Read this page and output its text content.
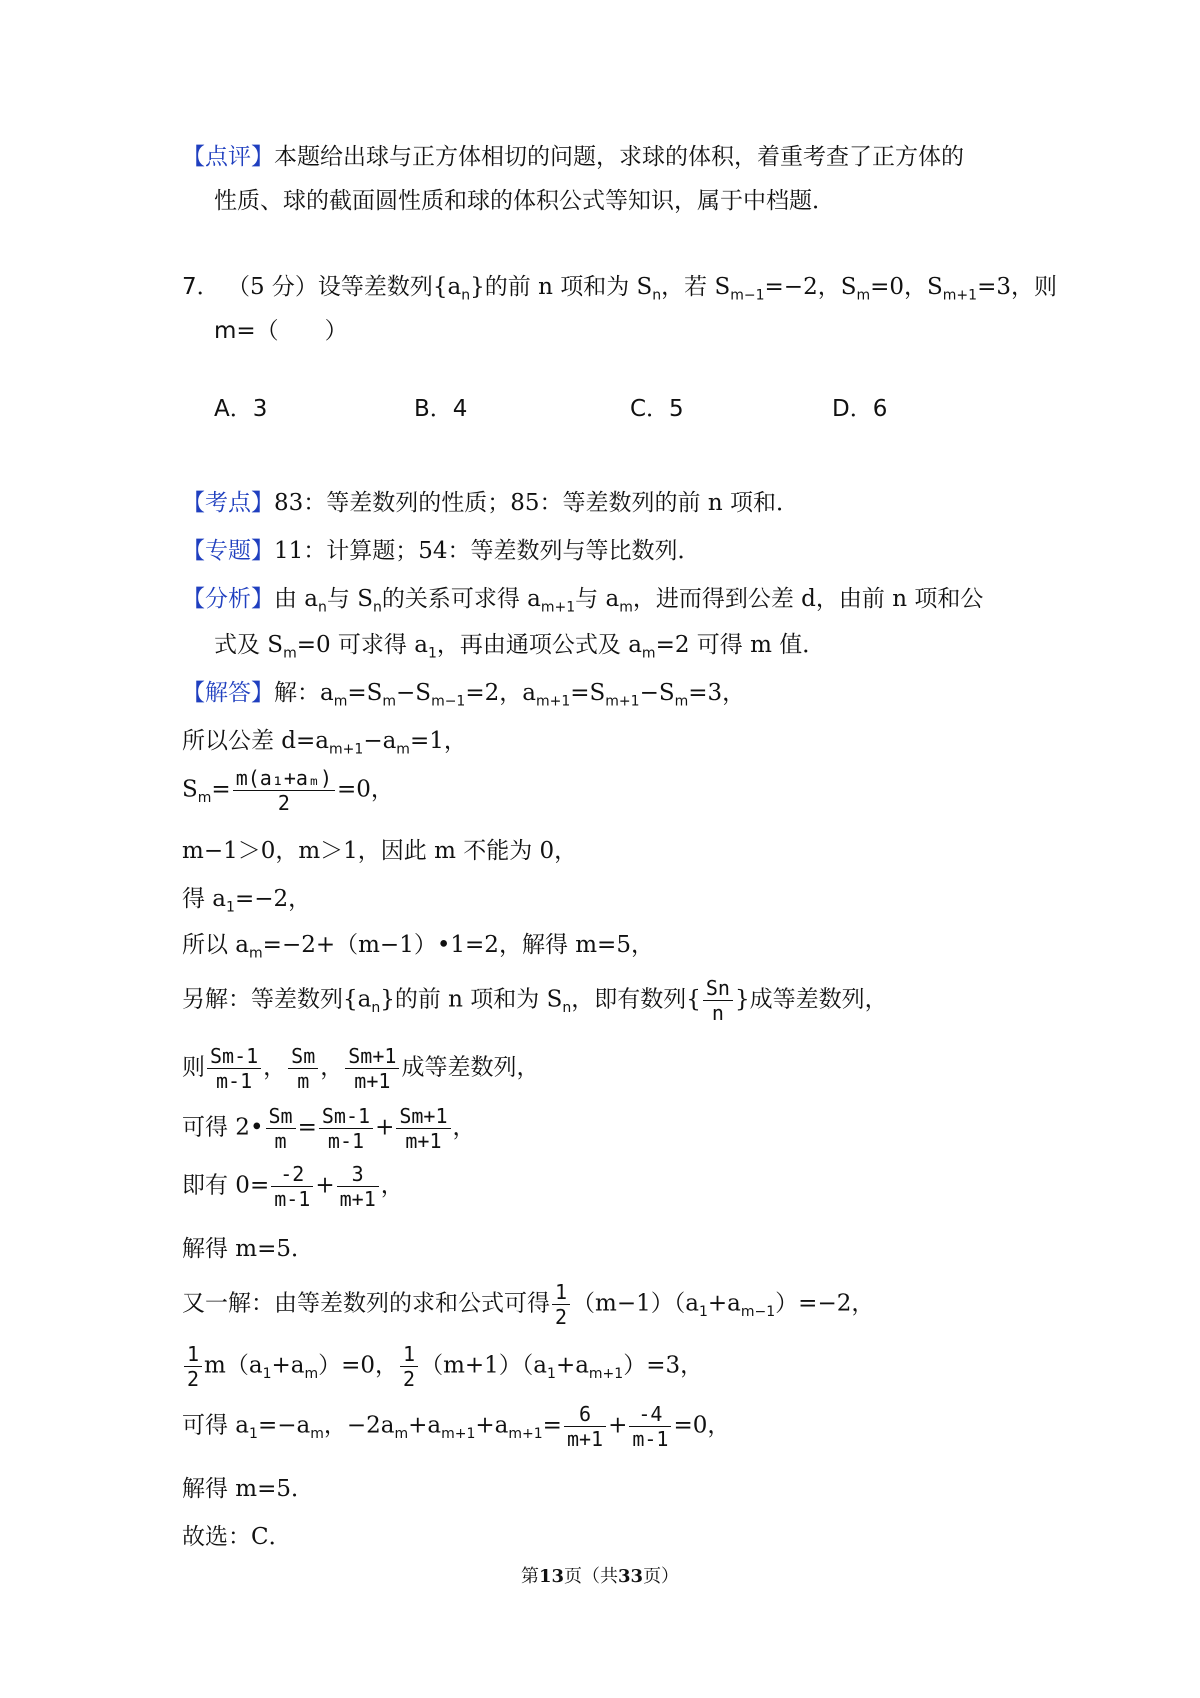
【点评】本题给出球与正方体相切的问题，求球的体积，着重考查了正方体的
性质、球的截面圆性质和球的体积公式等知识，属于中档题．
7． （5 分）设等差数列$\{a_n\}$的前 n 项和为 $S_n$，若 $S_{m-1}=-2$，$S_m=0$，$S_{m+1}=3$，则
m=（　　）
A．3	B．4	C．5	D．6
【考点】83：等差数列的性质；85：等差数列的前 n 项和．
【专题】11：计算题；54：等差数列与等比数列．
【分析】由 $a_n$与 $S_n$的关系可求得 $a_{m+1}$与 $a_m$，进而得到公差 d，由前 n 项和公
式及 $S_m=0$ 可求得 $a_1$，再由通项公式及 $a_m=2$ 可得 m 值．
【解答】解：$a_m=S_m-S_{m-1}=2$，$a_{m+1}=S_{m+1}-S_m=3$，
所以公差 $d=a_{m+1}-a_m=1$，
$S_m= \frac{\text{m(a₁+aₘ)}}{2} =0$，
m−1＞0，m＞1，因此 m 不能为 0，
得 $a_1=-2$，
所以 $a_m=-2+(m-1)•1=2$，解得 m=5，
另解：等差数列$\{a_n\}$的前 n 项和为 $S_n$，即有数列{ $\frac{Sn}{n}$ }成等差数列，
则 $\frac{Sm-1}{m-1}$ ， $\frac{Sm}{m}$ ， $\frac{Sm+1}{m+1}$ 成等差数列，
可得 2• $\frac{Sm}{m} = \frac{Sm-1}{m-1} + \frac{Sm+1}{m+1}$ ，
即有 $0= \frac{-2}{m-1} + \frac{3}{m+1}$ ，
解得 m=5．
又一解：由等差数列的求和公式可得 $\frac{1}{2} (m-1)(a_1+a_{m-1})=-2$，
$\frac{1}{2} m(a_1+a_m)=0$， $\frac{1}{2} (m+1)(a_1+a_{m+1})=3$，
可得 $a_1=-a_m$，$-2a_m+a_{m+1}+a_{m+1}= \frac{6}{m+1} + \frac{-4}{m-1} =0$，
解得 m=5．
故选：C．
第13页（共33页）
